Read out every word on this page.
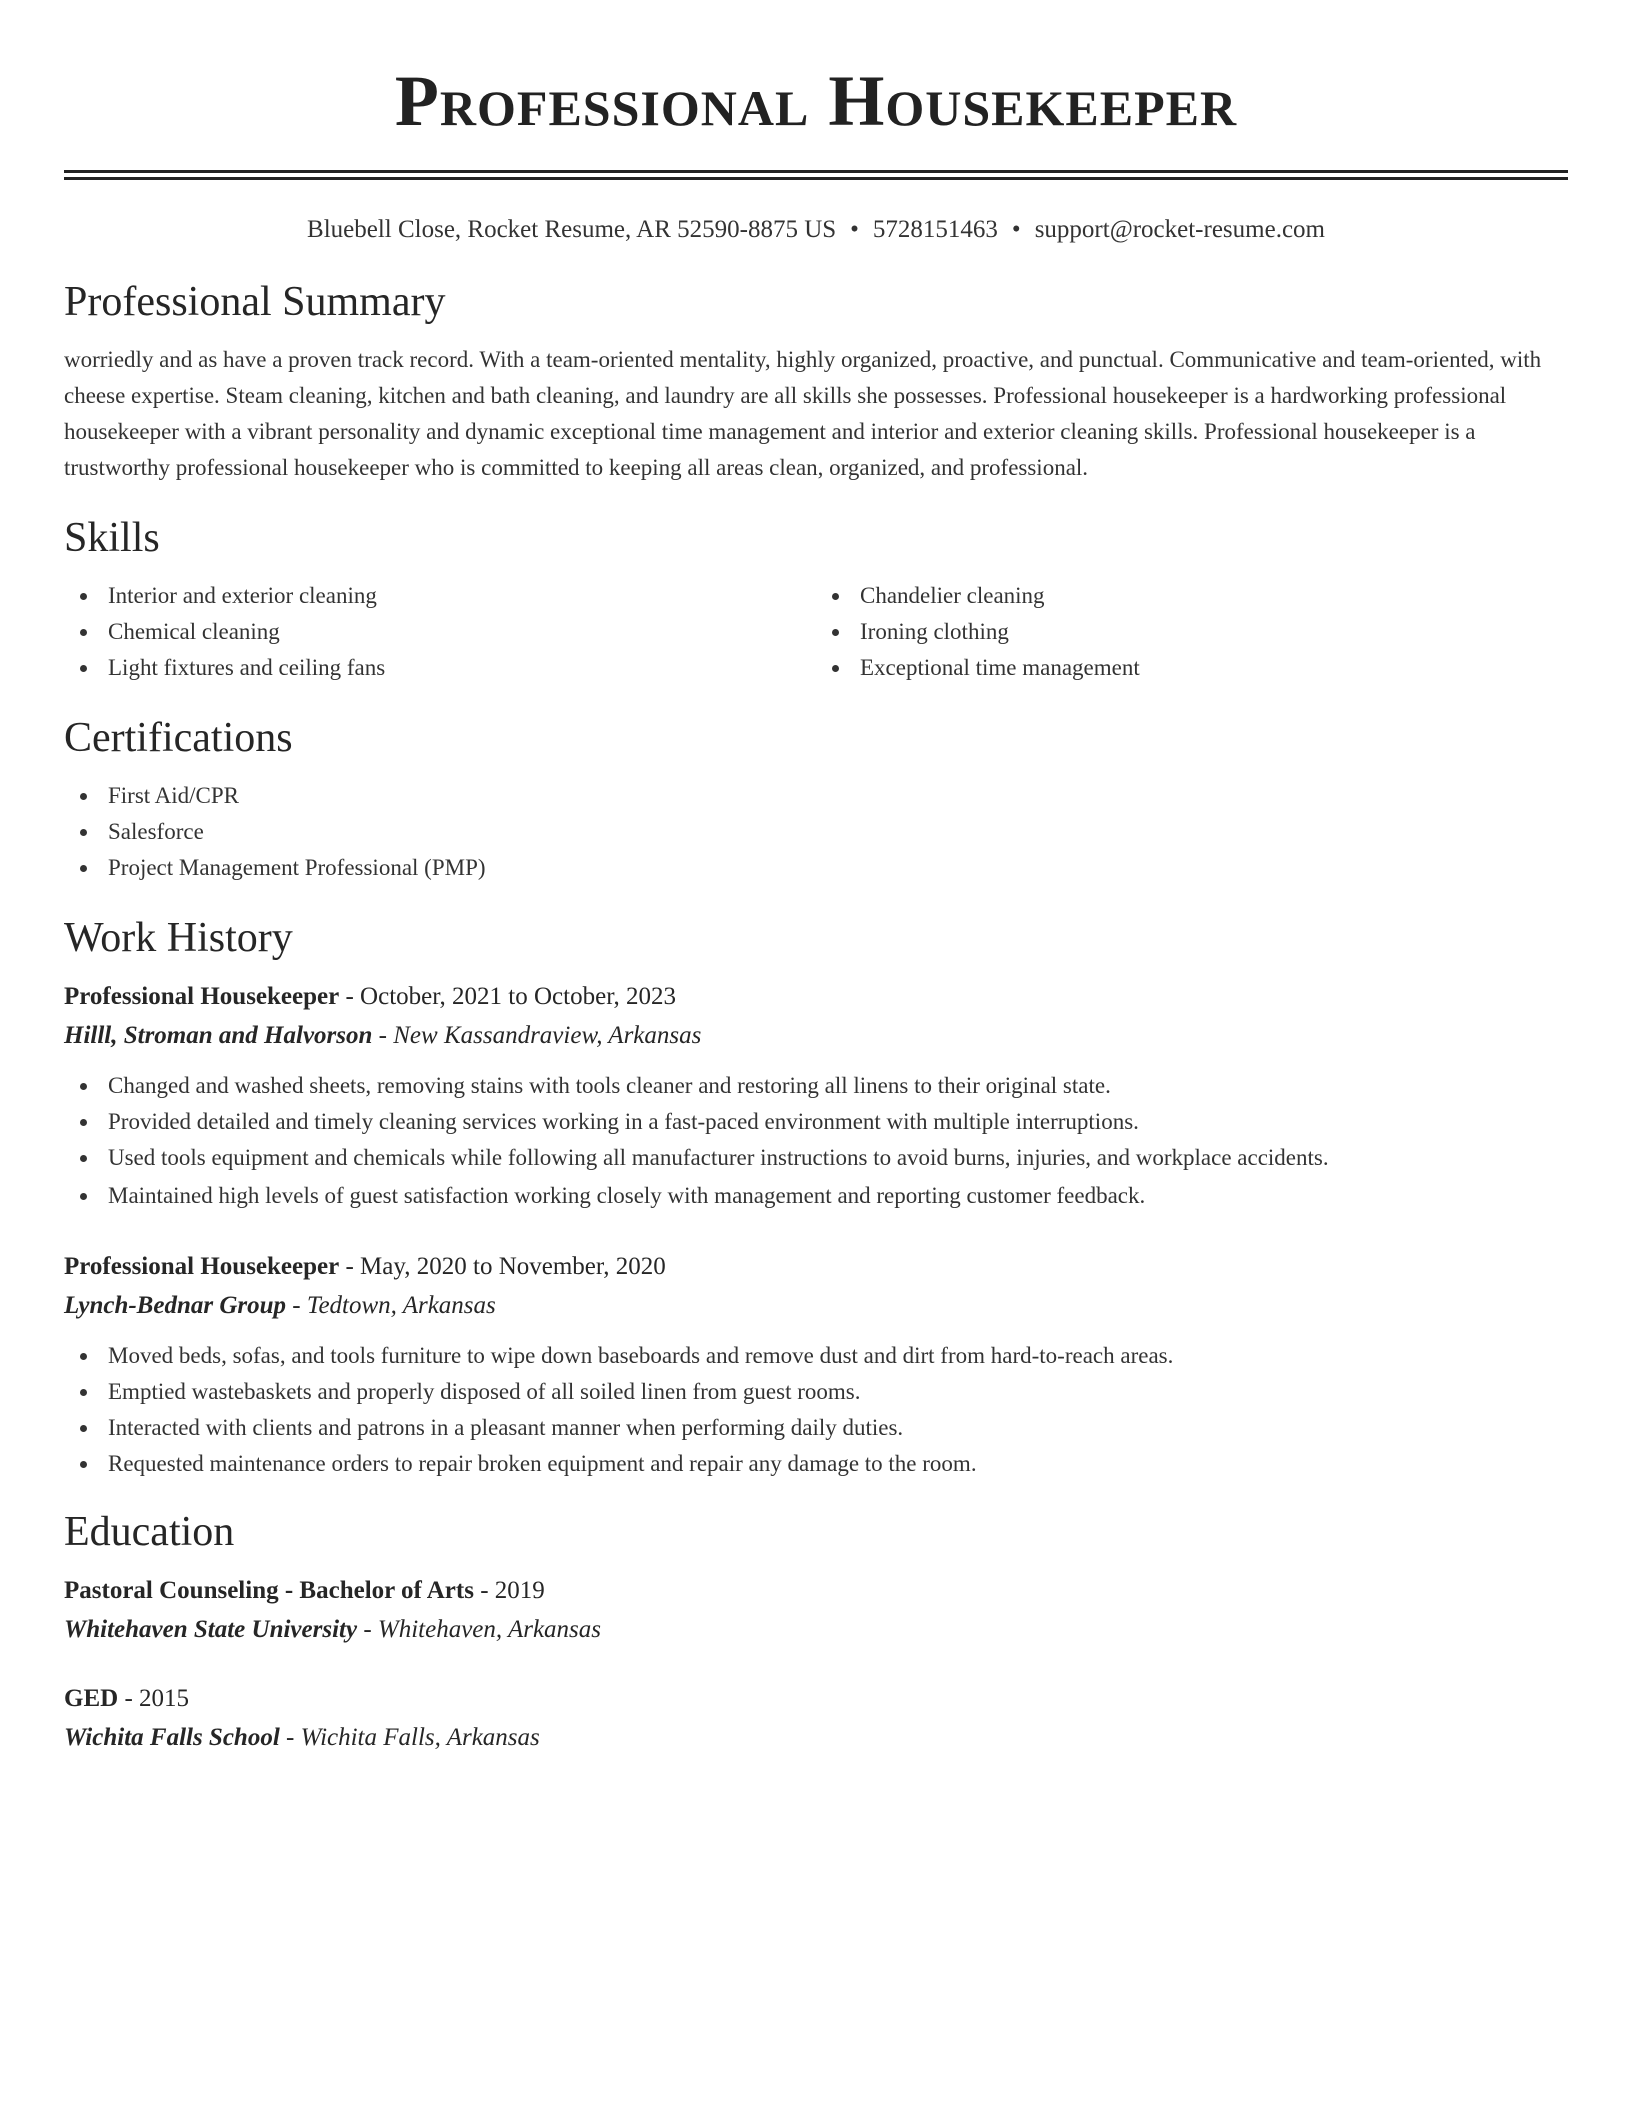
Professional Housekeeper
Bluebell Close, Rocket Resume, AR 52590-8875 US • 5728151463 • support@rocket-resume.com
Professional Summary

worriedly and as have a proven track record. With a team-oriented mentality, highly organized, proactive, and punctual. Communicative and team-oriented, with cheese expertise. Steam cleaning, kitchen and bath cleaning, and laundry are all skills she possesses. Professional housekeeper is a hardworking professional housekeeper with a vibrant personality and dynamic exceptional time management and interior and exterior cleaning skills. Professional housekeeper is a trustworthy professional housekeeper who is committed to keeping all areas clean, organized, and professional.

Skills
Interior and exterior cleaning
Chemical cleaning
Light fixtures and ceiling fans
Chandelier cleaning
Ironing clothing
Exceptional time management
Certifications
First Aid/CPR
Salesforce
Project Management Professional (PMP)
Work History
Professional Housekeeper - October, 2021 to October, 2023
Hilll, Stroman and Halvorson - New Kassandraview, Arkansas
Changed and washed sheets, removing stains with tools cleaner and restoring all linens to their original state.
Provided detailed and timely cleaning services working in a fast-paced environment with multiple interruptions.
Used tools equipment and chemicals while following all manufacturer instructions to avoid burns, injuries, and workplace accidents.
Maintained high levels of guest satisfaction working closely with management and reporting customer feedback.
Professional Housekeeper - May, 2020 to November, 2020
Lynch-Bednar Group - Tedtown, Arkansas
Moved beds, sofas, and tools furniture to wipe down baseboards and remove dust and dirt from hard-to-reach areas.
Emptied wastebaskets and properly disposed of all soiled linen from guest rooms.
Interacted with clients and patrons in a pleasant manner when performing daily duties.
Requested maintenance orders to repair broken equipment and repair any damage to the room.
Education
Pastoral Counseling - Bachelor of Arts - 2019
Whitehaven State University - Whitehaven, Arkansas
GED - 2015
Wichita Falls School - Wichita Falls, Arkansas
